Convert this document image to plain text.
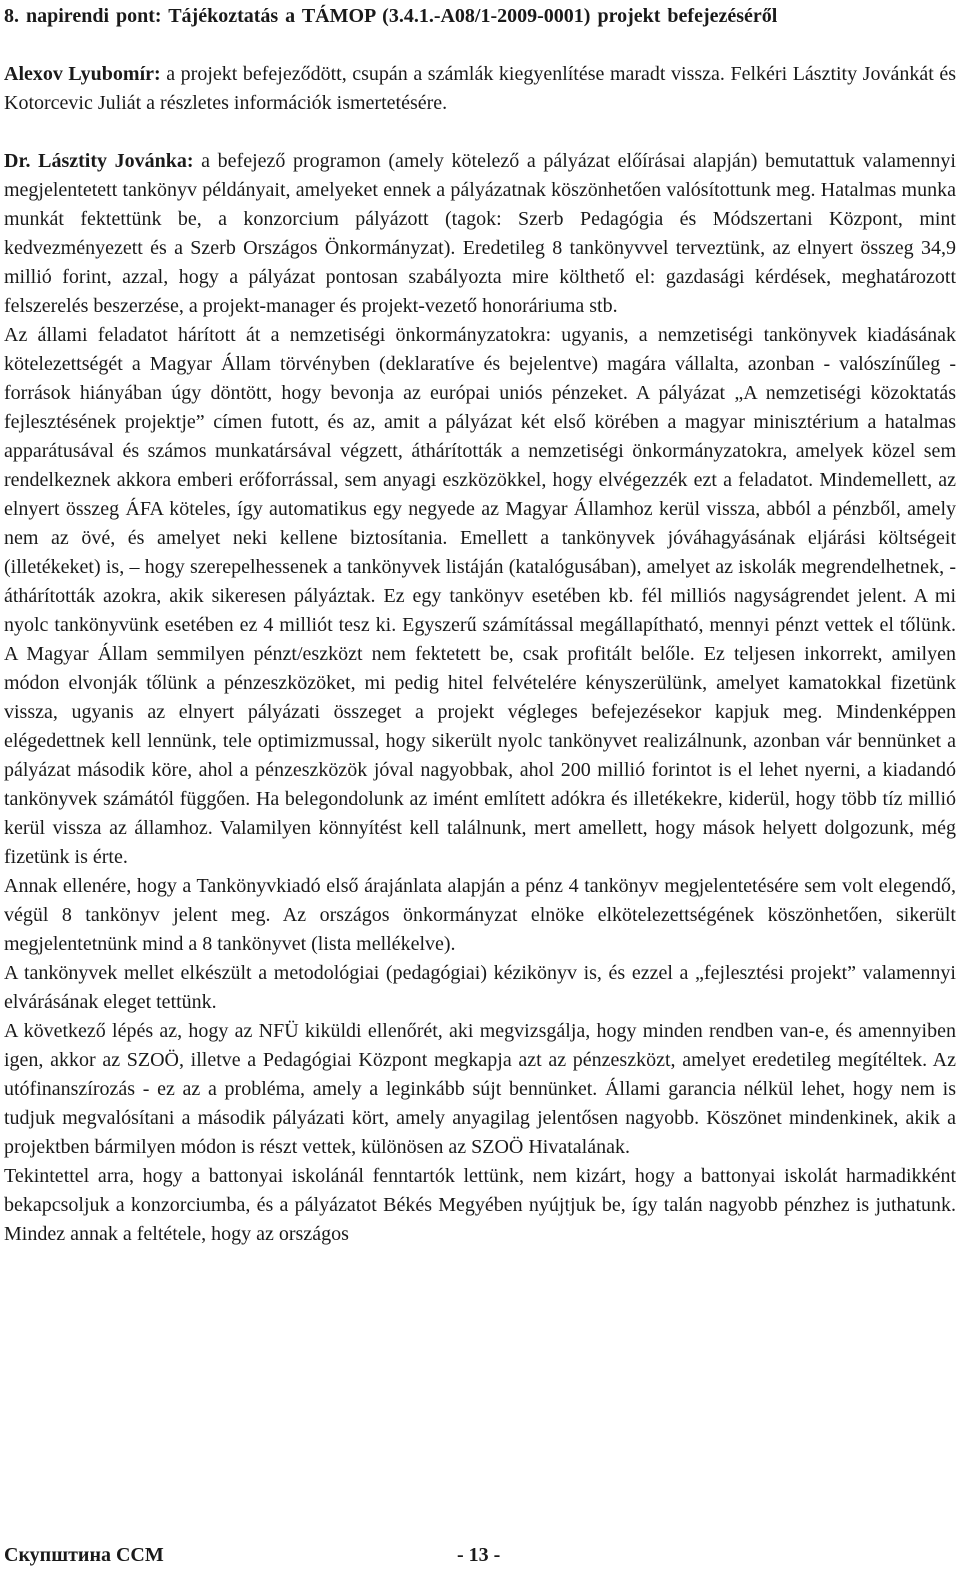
8. napirendi pont: Tájékoztatás a TÁMOP (3.4.1.-A08/1-2009-0001) projekt befejezéséről

Alexov Lyubomír: a projekt befejeződött, csupán a számlák kiegyenlítése maradt vissza. Felkéri Lásztity Jovánkát és Kotorcevic Juliát a részletes információk ismertetésére.

Dr. Lásztity Jovánka: a befejező programon (amely kötelező a pályázat előírásai alapján) bemutattuk valamennyi megjelentetett tankönyv példányait, amelyeket ennek a pályázatnak köszönhetően valósítottunk meg. Hatalmas munka munkát fektettünk be, a konzorcium pályázott (tagok: Szerb Pedagógia és Módszertani Központ, mint kedvezményezett és a Szerb Országos Önkormányzat). Eredetileg 8 tankönyvvel terveztünk, az elnyert összeg 34,9 millió forint, azzal, hogy a pályázat pontosan szabályozta mire költhető el: gazdasági kérdések, meghatározott felszerelés beszerzése, a projekt-manager és projekt-vezető honoráriuma stb.

Az állami feladatot hárított át a nemzetiségi önkormányzatokra: ugyanis, a nemzetiségi tankönyvek kiadásának kötelezettségét a Magyar Állam törvényben (deklaratíve és bejelentve) magára vállalta, azonban - valószínűleg - források hiányában úgy döntött, hogy bevonja az európai uniós pénzeket. A pályázat „A nemzetiségi közoktatás fejlesztésének projektje” címen futott, és az, amit a pályázat két első körében a magyar minisztérium a hatalmas apparátusával és számos munkatársával végzett, áthárították a nemzetiségi önkormányzatokra, amelyek közel sem rendelkeznek akkora emberi erőforrással, sem anyagi eszközökkel, hogy elvégezzék ezt a feladatot. Mindemellett, az elnyert összeg ÁFA köteles, így automatikus egy negyede az Magyar Államhoz kerül vissza, abból a pénzből, amely nem az övé, és amelyet neki kellene biztosítania. Emellett a tankönyvek jóváhagyásának eljárási költségeit (illetékeket) is, – hogy szerepelhessenek a tankönyvek listáján (katalógusában), amelyet az iskolák megrendelhetnek, - áthárították azokra, akik sikeresen pályáztak. Ez egy tankönyv esetében kb. fél milliós nagyságrendet jelent. A mi nyolc tankönyvünk esetében ez 4 milliót tesz ki. Egyszerű számítással megállapítható, mennyi pénzt vettek el tőlünk. A Magyar Állam semmilyen pénzt/eszközt nem fektetett be, csak profitált belőle. Ez teljesen inkorrekt, amilyen módon elvonják tőlünk a pénzeszközöket, mi pedig hitel felvételére kényszerülünk, amelyet kamatokkal fizetünk vissza, ugyanis az elnyert pályázati összeget a projekt végleges befejezésekor kapjuk meg. Mindenképpen elégedettnek kell lennünk, tele optimizmussal, hogy sikerült nyolc tankönyvet realizálnunk, azonban vár bennünket a pályázat második köre, ahol a pénzeszközök jóval nagyobbak, ahol 200 millió forintot is el lehet nyerni, a kiadandó tankönyvek számától függően. Ha belegondolunk az imént említett adókra és illetékekre, kiderül, hogy több tíz millió kerül vissza az államhoz. Valamilyen könnyítést kell találnunk, mert amellett, hogy mások helyett dolgozunk, még fizetünk is érte.

Annak ellenére, hogy a Tankönyvkiadó első árajánlata alapján a pénz 4 tankönyv megjelentetésére sem volt elegendő, végül 8 tankönyv jelent meg. Az országos önkormányzat elnöke elkötelezettségének köszönhetően, sikerült megjelentetnünk mind a 8 tankönyvet (lista mellékelve).

A tankönyvek mellet elkészült a metodológiai (pedagógiai) kézikönyv is, és ezzel a „fejlesztési projekt” valamennyi elvárásának eleget tettünk.

A következő lépés az, hogy az NFÜ kiküldi ellenőrét, aki megvizsgálja, hogy minden rendben van-e, és amennyiben igen, akkor az SZOÖ, illetve a Pedagógiai Központ megkapja azt az pénzeszközt, amelyet eredetileg megítéltek. Az utófinanszírozás - ez az a probléma, amely a leginkább sújt bennünket. Állami garancia nélkül lehet, hogy nem is tudjuk megvalósítani a második pályázati kört, amely anyagilag jelentősen nagyobb. Köszönet mindenkinek, akik a projektben bármilyen módon is részt vettek, különösen az SZOÖ Hivatalának.

Tekintettel arra, hogy a battonyai iskolánál fenntartók lettünk, nem kizárt, hogy a battonyai iskolát harmadikként bekapcsoljuk a konzorciumba, és a pályázatot Békés Megyében nyújtjuk be, így talán nagyobb pénzhez is juthatunk. Mindez annak a feltétele, hogy az országos

Скупштина ССМ	- 13 -
